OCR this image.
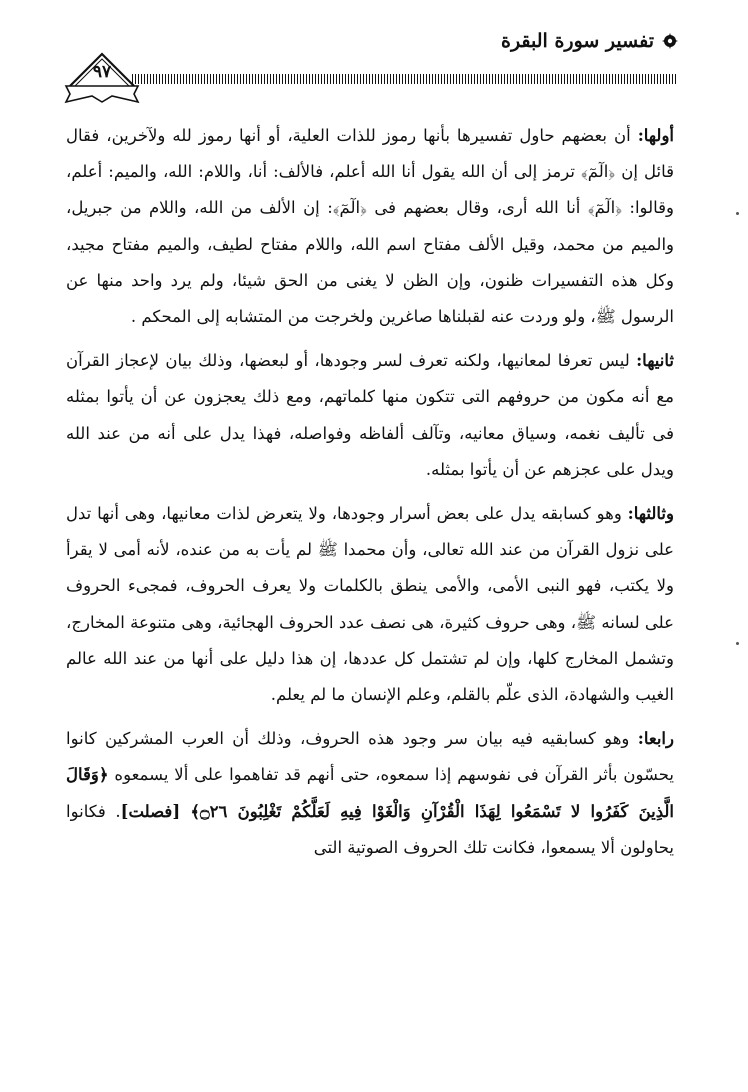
تفسير سورة البقرة
٩٧

أولها: أن بعضهم حاول تفسيرها بأنها رموز للذات العلية، أو أنها رموز لله ولآخرين، فقال قائل إن ﴿الٓمٓ﴾ ترمز إلى أن الله يقول أنا الله أعلم، فالألف: أنا، واللام: الله، والميم: أعلم، وقالوا: ﴿الٓمٓ﴾ أنا الله أرى، وقال بعضهم فى ﴿الٓمٓ﴾: إن الألف من الله، واللام من جبريل، والميم من محمد، وقيل الألف مفتاح اسم الله، واللام مفتاح لطيف، والميم مفتاح مجيد، وكل هذه التفسيرات ظنون، وإن الظن لا يغنى من الحق شيئا، ولم يرد واحد منها عن الرسول ﷺ، ولو وردت عنه لقبلناها صاغرين ولخرجت من المتشابه إلى المحكم .

ثانيها: ليس تعرفا لمعانيها، ولكنه تعرف لسر وجودها، أو لبعضها، وذلك بيان لإعجاز القرآن مع أنه مكون من حروفهم التى تتكون منها كلماتهم، ومع ذلك يعجزون عن أن يأتوا بمثله فى تأليف نغمه، وسياق معانيه، وتآلف ألفاظه وفواصله، فهذا يدل على أنه من عند الله ويدل على عجزهم عن أن يأتوا بمثله.

وثالثها: وهو كسابقه يدل على بعض أسرار وجودها، ولا يتعرض لذات معانيها، وهى أنها تدل على نزول القرآن من عند الله تعالى، وأن محمدا ﷺ لم يأت به من عنده، لأنه أمى لا يقرأ ولا يكتب، فهو النبى الأمى، والأمى ينطق بالكلمات ولا يعرف الحروف، فمجىء الحروف على لسانه ﷺ، وهى حروف كثيرة، هى نصف عدد الحروف الهجائية، وهى متنوعة المخارج، وتشمل المخارج كلها، وإن لم تشتمل كل عددها، إن هذا دليل على أنها من عند الله عالم الغيب والشهادة، الذى علّم بالقلم، وعلم الإنسان ما لم يعلم.

رابعا: وهو كسابقيه فيه بيان سر وجود هذه الحروف، وذلك أن العرب المشركين كانوا يحسّون بأثر القرآن فى نفوسهم إذا سمعوه، حتى أنهم قد تفاهموا على ألا يسمعوه ﴿وَقَالَ الَّذِينَ كَفَرُوا لا تَسْمَعُوا لِهَذَا الْقُرْآنِ وَالْغَوْا فِيهِ لَعَلَّكُمْ تَغْلِبُونَ ۝٢٦﴾ [فصلت]. فكانوا يحاولون ألا يسمعوا، فكانت تلك الحروف الصوتية التى
